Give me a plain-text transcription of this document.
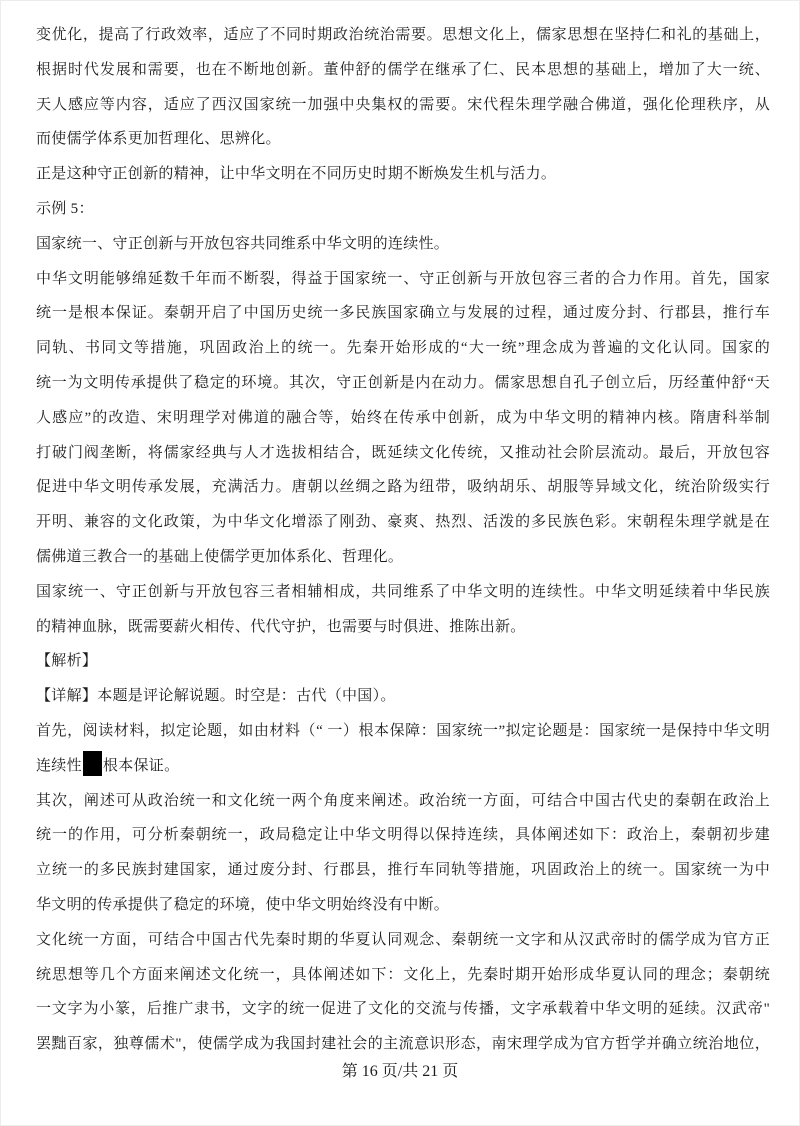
变优化，提高了行政效率，适应了不同时期政治统治需要。思想文化上，儒家思想在坚持仁和礼的基础上，
根据时代发展和需要，也在不断地创新。董仲舒的儒学在继承了仁、民本思想的基础上，增加了大一统、
天人感应等内容，适应了西汉国家统一加强中央集权的需要。宋代程朱理学融合佛道，强化伦理秩序，从
而使儒学体系更加哲理化、思辨化。
正是这种守正创新的精神，让中华文明在不同历史时期不断焕发生机与活力。
示例 5：
国家统一、守正创新与开放包容共同维系中华文明的连续性。
中华文明能够绵延数千年而不断裂，得益于国家统一、守正创新与开放包容三者的合力作用。首先，国家
统一是根本保证。秦朝开启了中国历史统一多民族国家确立与发展的过程，通过废分封、行郡县，推行车
同轨、书同文等措施，巩固政治上的统一。先秦开始形成的“大一统”理念成为普遍的文化认同。国家的
统一为文明传承提供了稳定的环境。其次，守正创新是内在动力。儒家思想自孔子创立后，历经董仲舒“天
人感应”的改造、宋明理学对佛道的融合等，始终在传承中创新，成为中华文明的精神内核。隋唐科举制
打破门阀垄断，将儒家经典与人才选拔相结合，既延续文化传统，又推动社会阶层流动。最后，开放包容
促进中华文明传承发展，充满活力。唐朝以丝绸之路为纽带，吸纳胡乐、胡服等异域文化，统治阶级实行
开明、兼容的文化政策，为中华文化增添了刚劲、豪爽、热烈、活泼的多民族色彩。宋朝程朱理学就是在
儒佛道三教合一的基础上使儒学更加体系化、哲理化。
国家统一、守正创新与开放包容三者相辅相成，共同维系了中华文明的连续性。中华文明延续着中华民族
的精神血脉，既需要薪火相传、代代守护，也需要与时俱进、推陈出新。
【解析】
【详解】本题是评论解说题。时空是：古代（中国）。
首先，阅读材料，拟定论题，如由材料（“ 一）根本保障：国家统一”拟定论题是：国家统一是保持中华文明
连续性 根本保证。
其次，阐述可从政治统一和文化统一两个角度来阐述。政治统一方面，可结合中国古代史的秦朝在政治上
统一的作用，可分析秦朝统一，政局稳定让中华文明得以保持连续，具体阐述如下：政治上，秦朝初步建
立统一的多民族封建国家，通过废分封、行郡县，推行车同轨等措施，巩固政治上的统一。国家统一为中
华文明的传承提供了稳定的环境，使中华文明始终没有中断。
文化统一方面，可结合中国古代先秦时期的华夏认同观念、秦朝统一文字和从汉武帝时的儒学成为官方正
统思想等几个方面来阐述文化统一，具体阐述如下：文化上，先秦时期开始形成华夏认同的理念；秦朝统
一文字为小篆，后推广隶书，文字的统一促进了文化的交流与传播，文字承载着中华文明的延续。汉武帝"
罢黜百家，独尊儒术"，使儒学成为我国封建社会的主流意识形态，南宋理学成为官方哲学并确立统治地位，
第 16 页/共 21 页
